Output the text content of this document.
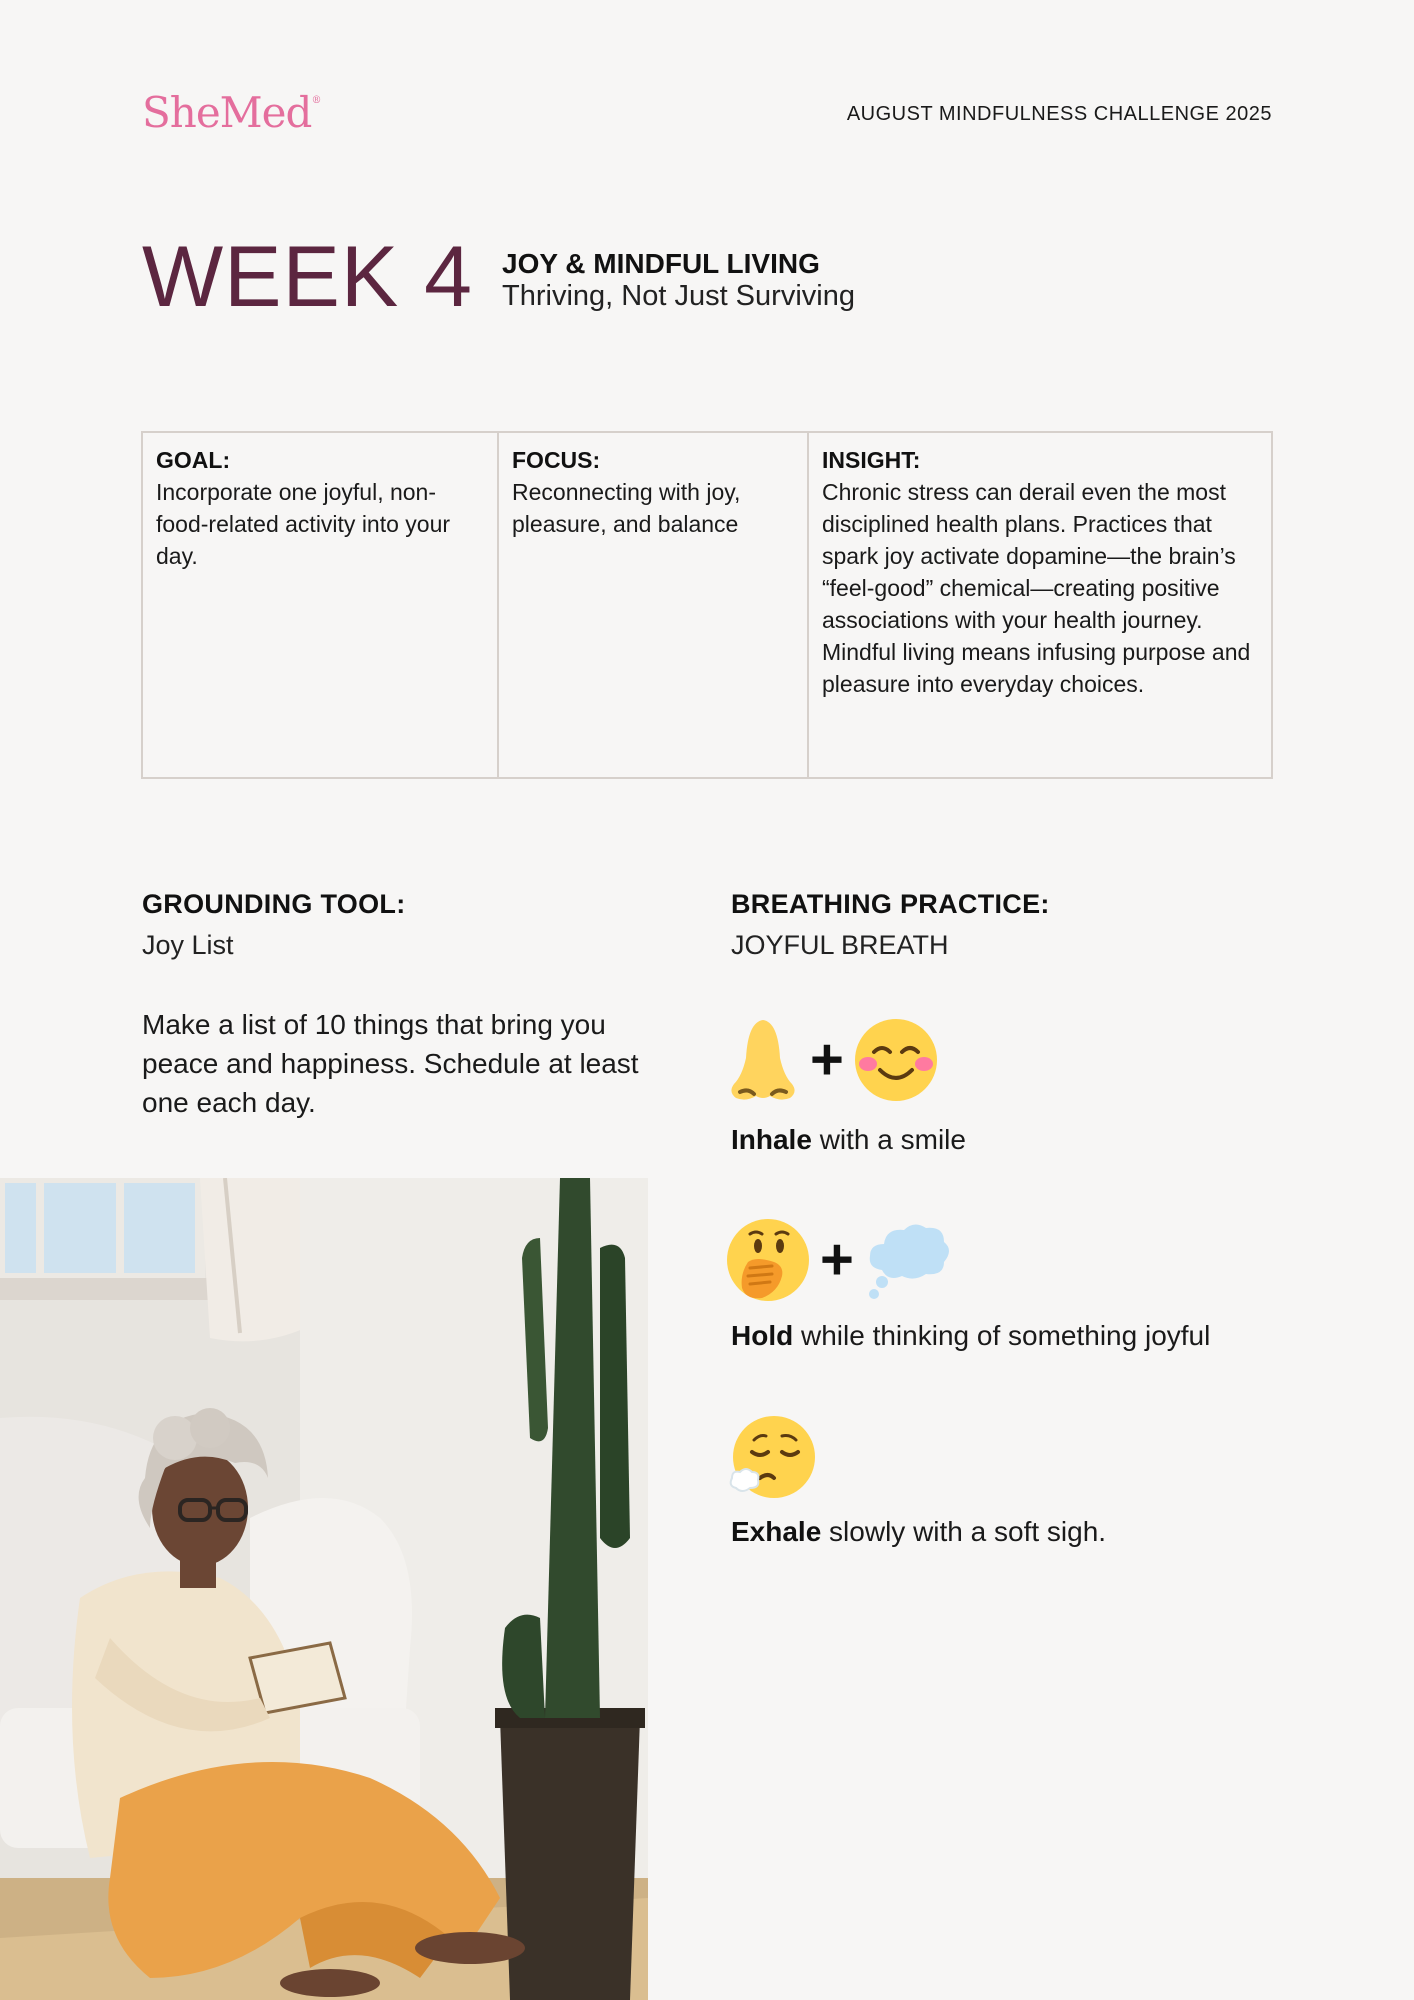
SheMed®
AUGUST MINDFULNESS CHALLENGE 2025
WEEK 4 JOY & MINDFUL LIVING
Thriving, Not Just Surviving
GOAL:
Incorporate one joyful, non-food-related activity into your day.
FOCUS:
Reconnecting with joy, pleasure, and balance
INSIGHT:
Chronic stress can derail even the most disciplined health plans. Practices that spark joy activate dopamine—the brain’s “feel-good” chemical—creating positive associations with your health journey. Mindful living means infusing purpose and pleasure into everyday choices.
GROUNDING TOOL:
Joy List
Make a list of 10 things that bring you peace and happiness. Schedule at least one each day.
BREATHING PRACTICE:
JOYFUL BREATH
+
Inhale with a smile
+
Hold while thinking of something joyful
Exhale slowly with a soft sigh.
